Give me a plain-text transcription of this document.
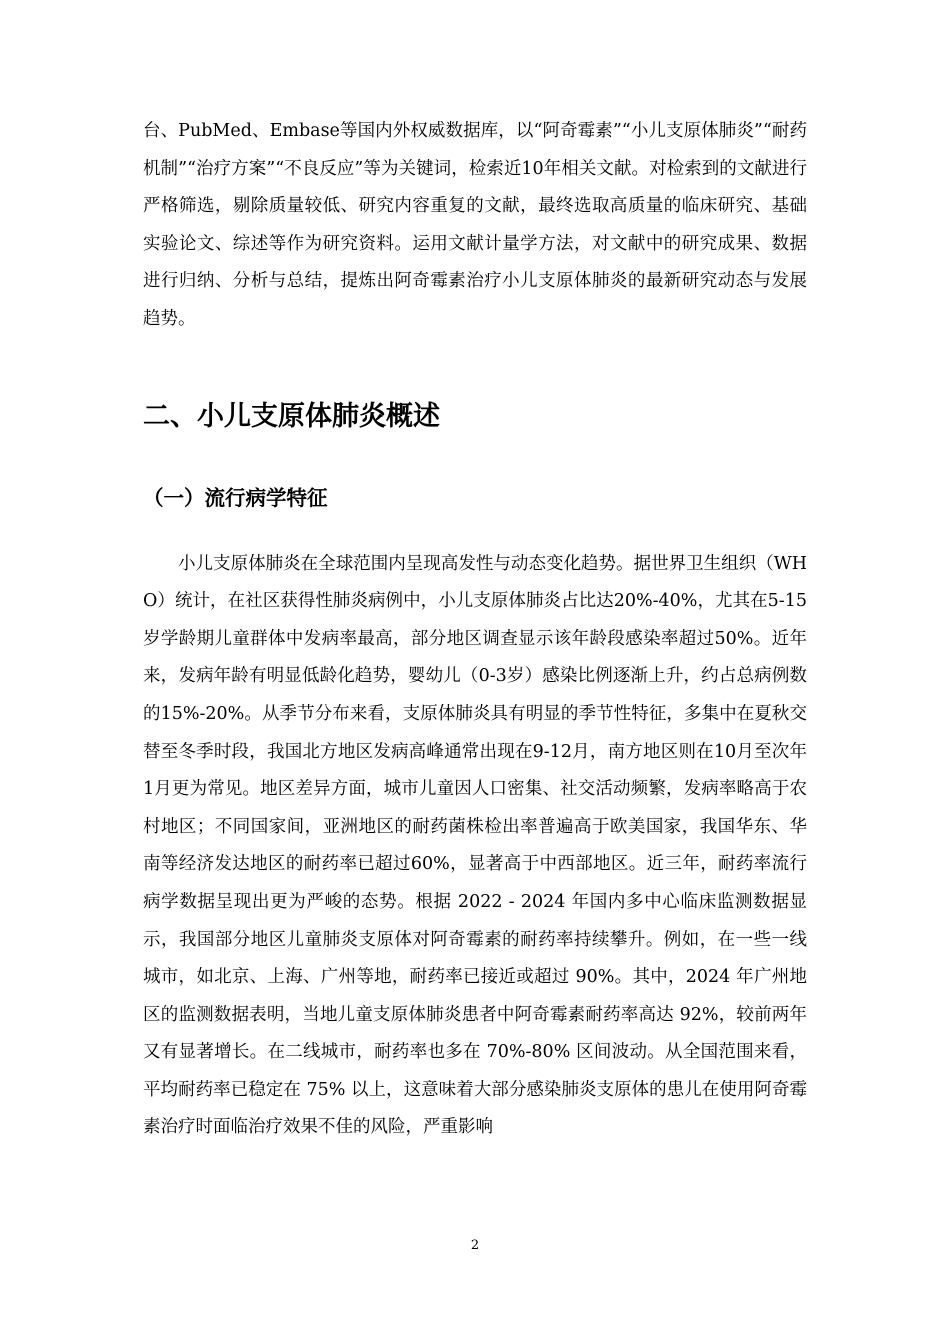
台、PubMed、Embase等国内外权威数据库，以“阿奇霉素”“小儿支原体肺炎”“耐药机制”“治疗方案”“不良反应”等为关键词，检索近10年相关文献。对检索到的文献进行严格筛选，剔除质量较低、研究内容重复的文献，最终选取高质量的临床研究、基础实验论文、综述等作为研究资料。运用文献计量学方法，对文献中的研究成果、数据进行归纳、分析与总结，提炼出阿奇霉素治疗小儿支原体肺炎的最新研究动态与发展趋势。

二、小儿支原体肺炎概述
（一）流行病学特征

小儿支原体肺炎在全球范围内呈现高发性与动态变化趋势。据世界卫生组织（WHO）统计，在社区获得性肺炎病例中，小儿支原体肺炎占比达20%-40%，尤其在5-15岁学龄期儿童群体中发病率最高，部分地区调查显示该年龄段感染率超过50%。近年来，发病年龄有明显低龄化趋势，婴幼儿（0-3岁）感染比例逐渐上升，约占总病例数的15%-20%。从季节分布来看，支原体肺炎具有明显的季节性特征，多集中在夏秋交替至冬季时段，我国北方地区发病高峰通常出现在9-12月，南方地区则在10月至次年1月更为常见。地区差异方面，城市儿童因人口密集、社交活动频繁，发病率略高于农村地区；不同国家间，亚洲地区的耐药菌株检出率普遍高于欧美国家，我国华东、华南等经济发达地区的耐药率已超过60%，显著高于中西部地区。近三年，耐药率流行病学数据呈现出更为严峻的态势。根据 2022 - 2024 年国内多中心临床监测数据显示，我国部分地区儿童肺炎支原体对阿奇霉素的耐药率持续攀升。例如，在一些一线城市，如北京、上海、广州等地，耐药率已接近或超过 90%。其中，2024 年广州地区的监测数据表明，当地儿童支原体肺炎患者中阿奇霉素耐药率高达 92%，较前两年又有显著增长。在二线城市，耐药率也多在 70%-80% 区间波动。从全国范围来看，平均耐药率已稳定在 75% 以上，这意味着大部分感染肺炎支原体的患儿在使用阿奇霉素治疗时面临治疗效果不佳的风险，严重影响

2
